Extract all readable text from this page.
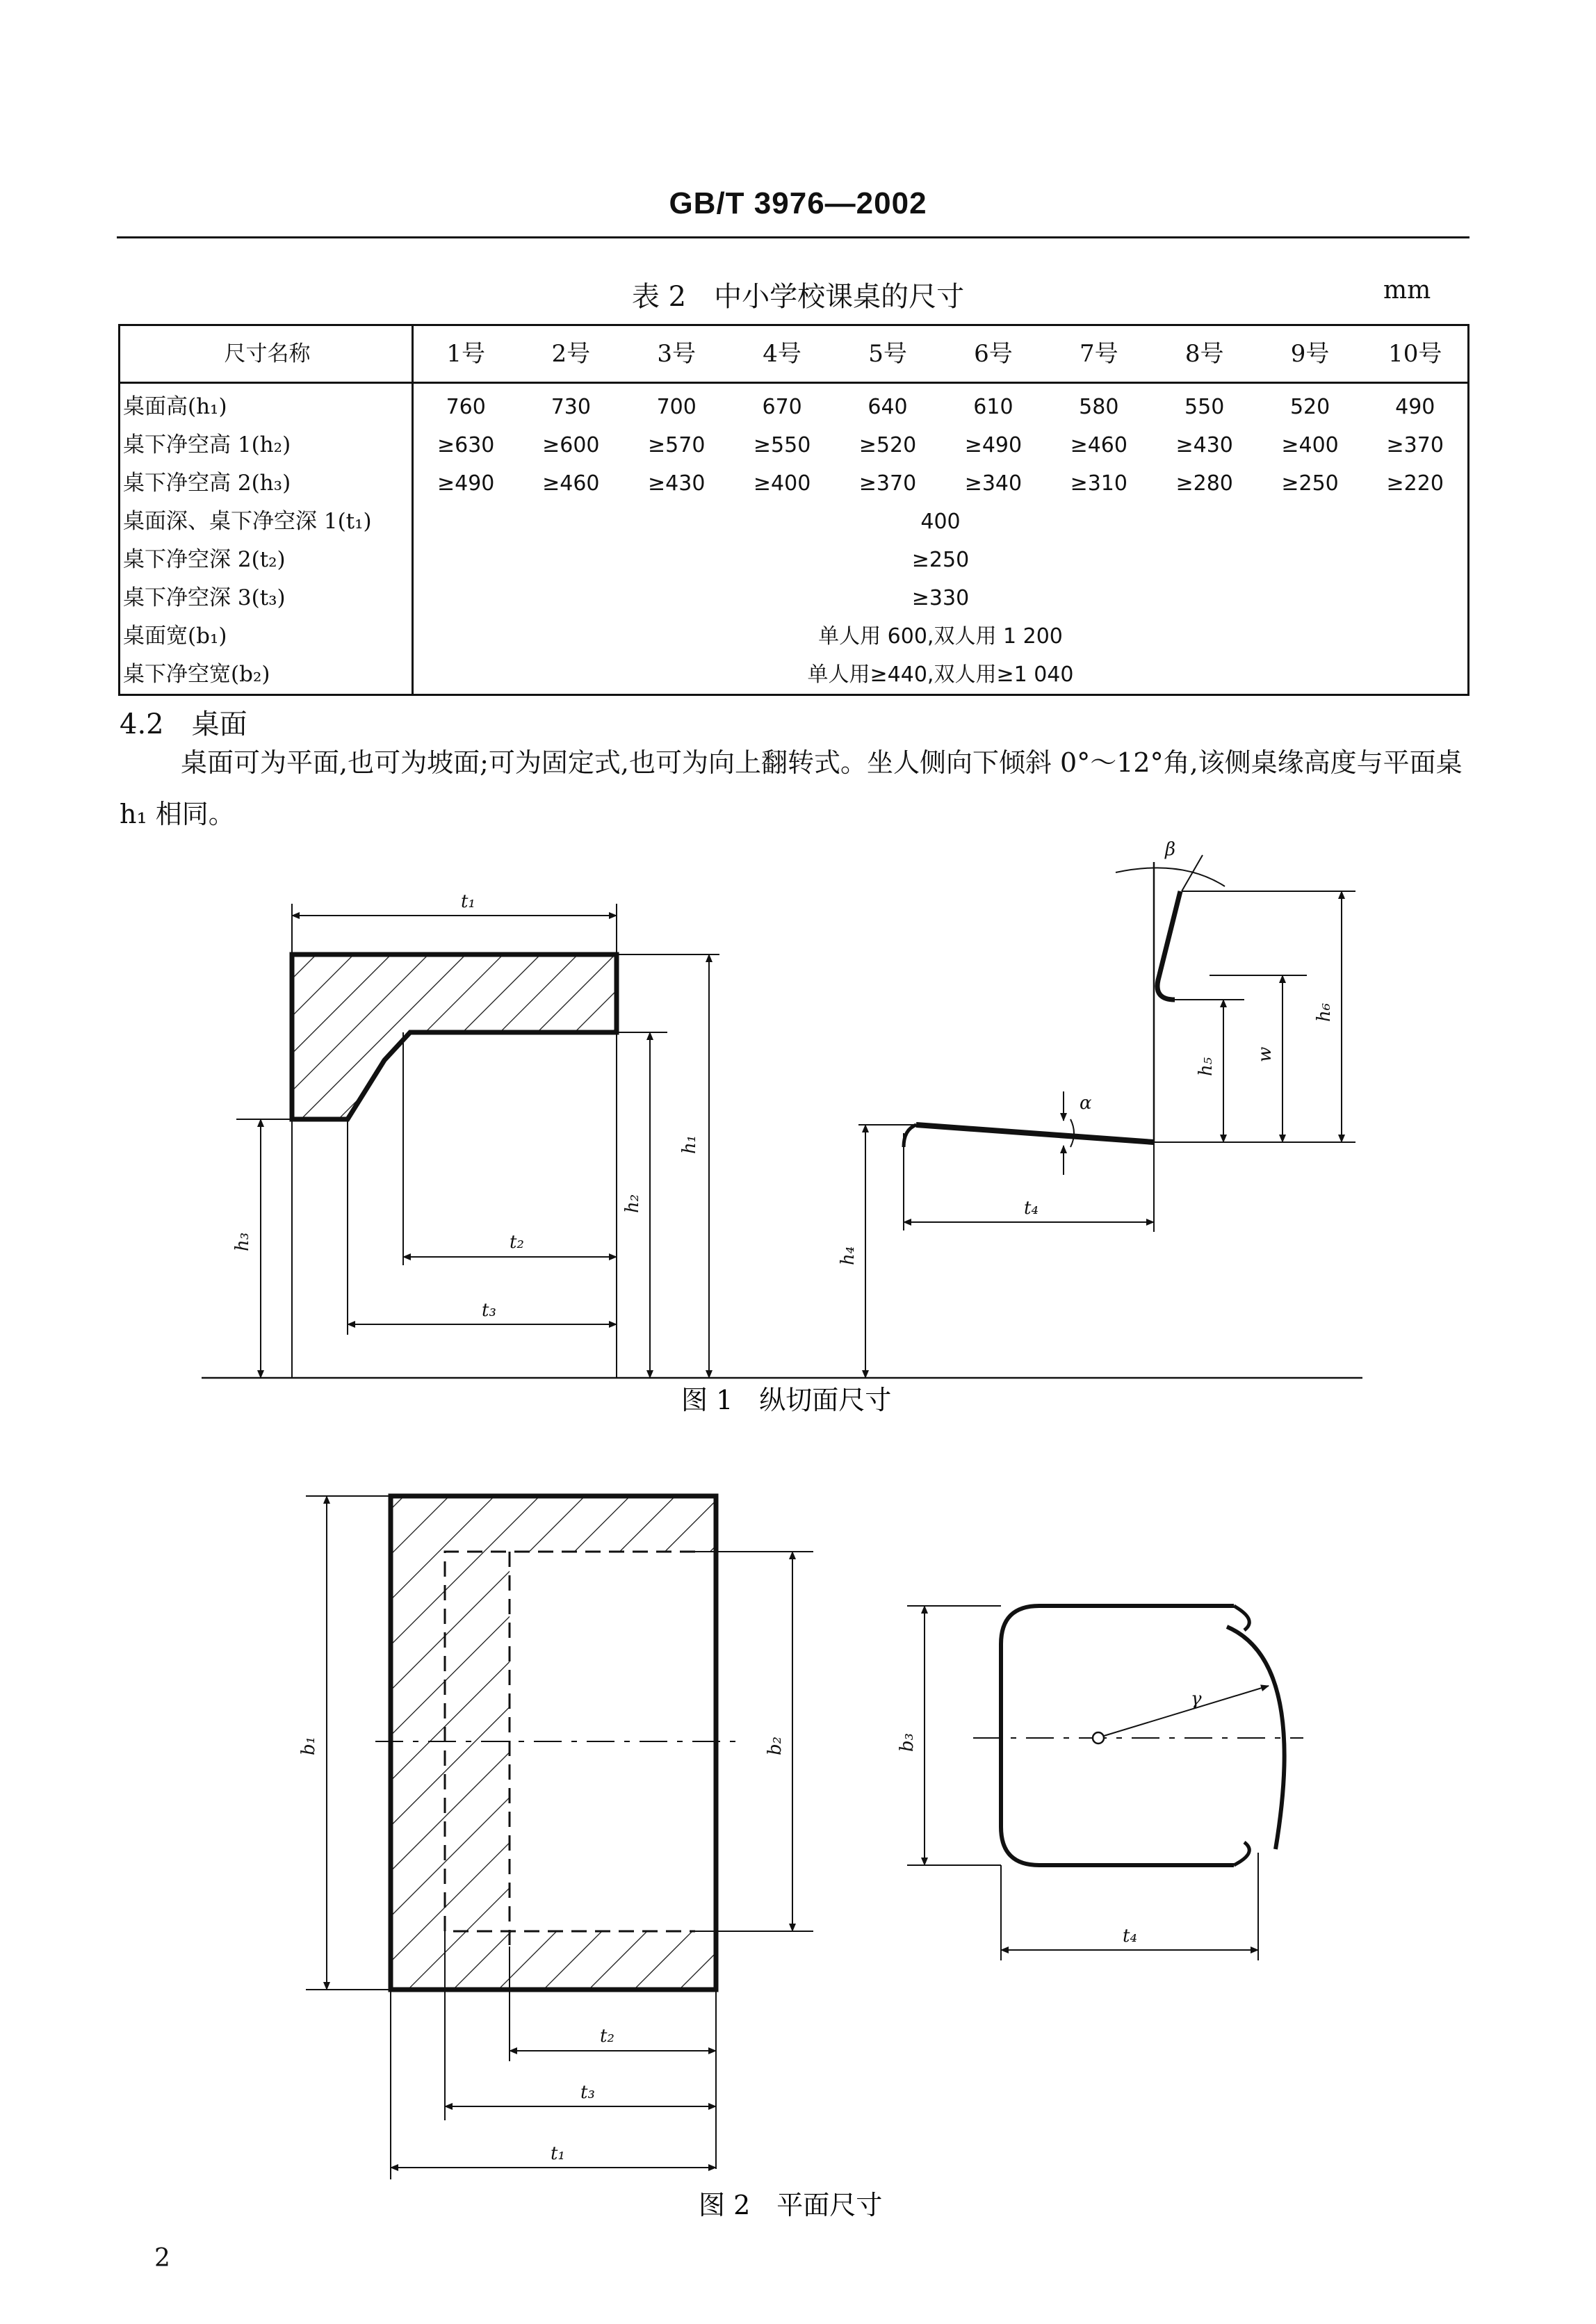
GB/T 3976—2002
表 2　中小学校课桌的尺寸	mm
尺寸名称	1号	2号	3号	4号	5号	6号	7号	8号	9号	10号
桌面高(h₁)	760	730	700	670	640	610	580	550	520	490
桌下净空高 1(h₂)	≥630	≥600	≥570	≥550	≥520	≥490	≥460	≥430	≥400	≥370
桌下净空高 2(h₃)	≥490	≥460	≥430	≥400	≥370	≥340	≥310	≥280	≥250	≥220
桌面深、桌下净空深 1(t₁)	400									
桌下净空深 2(t₂)	≥250									
桌下净空深 3(t₃)	≥330									
桌面宽(b₁)	单人用 600,双人用 1 200									
桌下净空宽(b₂)	单人用≥440,双人用≥1 040									
4.2　桌面
桌面可为平面,也可为坡面;可为固定式,也可为向上翻转式。坐人侧向下倾斜 0°～12°角,该侧桌缘高度与平面桌 h₁ 相同。
t₁
h₁
h₂
h₃	t₂
t₃
h₄
t₄
h₅
w
h₆
α
β
b₁	b₂	b₃
t₂
t₃
t₁
t₄
γ
图 1　纵切面尺寸
图 2　平面尺寸
2
